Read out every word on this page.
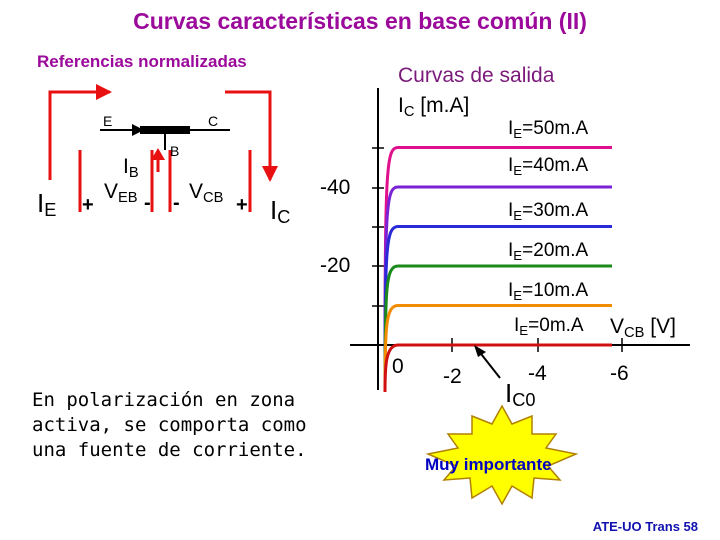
Curvas características en base común (II)
Referencias normalizadas
Curvas de salida
E	C
B
$I_E$
$I_B$
$V_{EB}$ $V_{CB}$ $I_C$
+	- -	+
$I_C$ [m.A]
-40
-20
0 -2	-4	-6
$V_{CB}$ [V]
$I_{C0}$
$I_E=50m.A$
$I_E=40m.A$
$I_E=30m.A$
$I_E=20m.A$
$I_E=10m.A$
$I_E=0m.A$
En polarización en zona
activa, se comporta como
una fuente de corriente.
Muy importante
ATE-UO Trans 58
